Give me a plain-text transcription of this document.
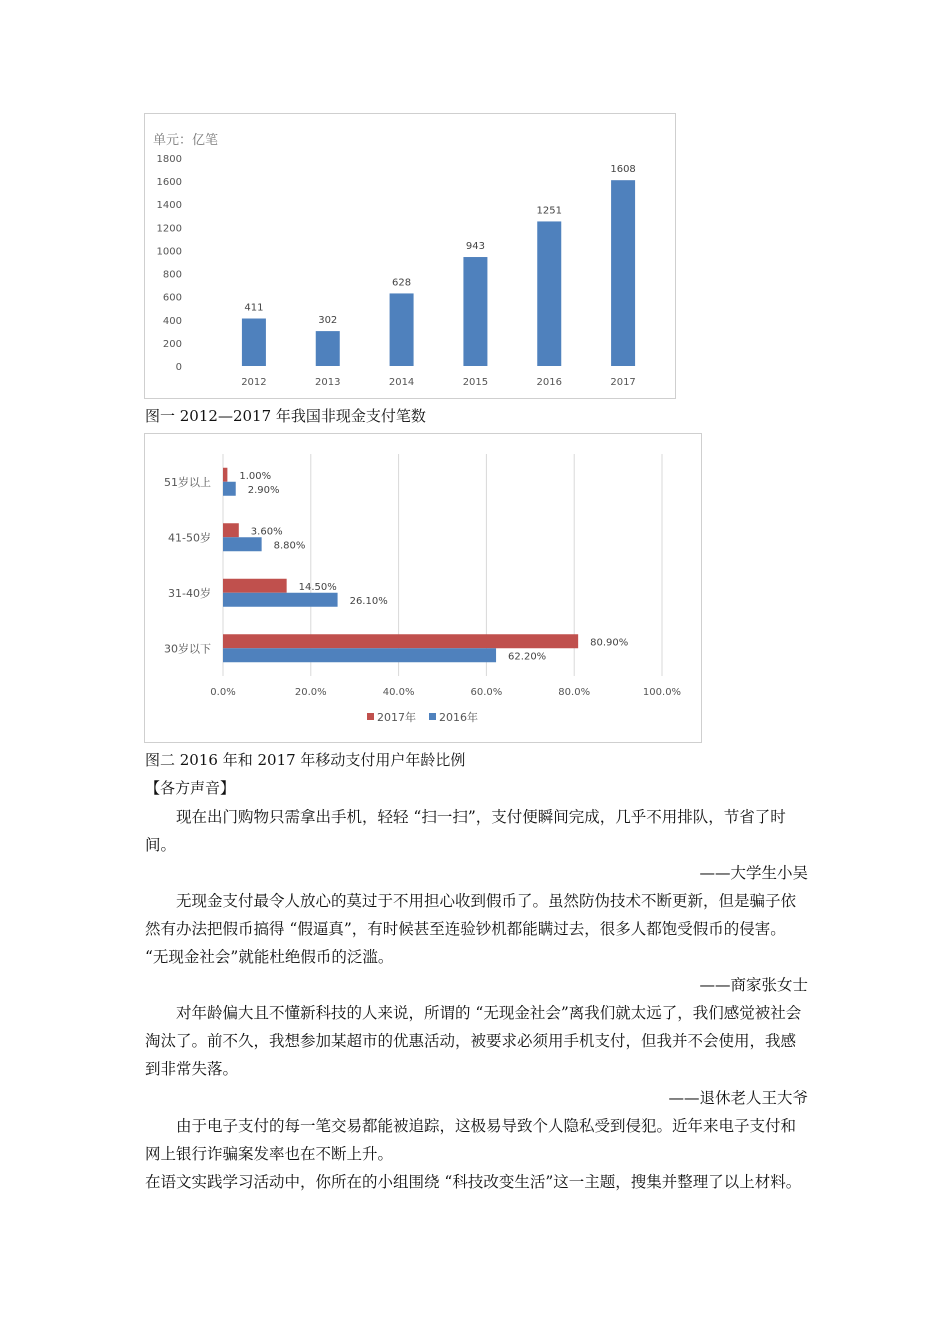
单元：亿笔
0
200
400
600
800
1000
1200
1400
1600
1800
411
2012
302
2013
628
2014
943
2015
1251
2016
1608
2017
图一 2012—2017 年我国非现金支付笔数
0.0%	20.0%	40.0%	60.0%	80.0%	100.0%
51岁以上	1.00%
2.90%
41-50岁	3.60%
8.80%
31-40岁	14.50%
26.10%
30岁以下	80.90%
62.20%
2017年 2016年
图二 2016 年和 2017 年移动支付用户年龄比例
【各方声音】

现在出门购物只需拿出手机，轻轻 “扫一扫”，支付便瞬间完成，几乎不用排队，节省了时间。

——大学生小吴

无现金支付最令人放心的莫过于不用担心收到假币了。虽然防伪技术不断更新，但是骗子依然有办法把假币搞得 “假逼真”，有时候甚至连验钞机都能瞒过去，很多人都饱受假币的侵害。 “无现金社会”就能杜绝假币的泛滥。

——商家张女士

对年龄偏大且不懂新科技的人来说，所谓的 “无现金社会”离我们就太远了，我们感觉被社会淘汰了。前不久，我想参加某超市的优惠活动，被要求必须用手机支付，但我并不会使用，我感到非常失落。

——退休老人王大爷

由于电子支付的每一笔交易都能被追踪，这极易导致个人隐私受到侵犯。近年来电子支付和网上银行诈骗案发率也在不断上升。

在语文实践学习活动中，你所在的小组围绕 “科技改变生活”这一主题，搜集并整理了以上材料。
